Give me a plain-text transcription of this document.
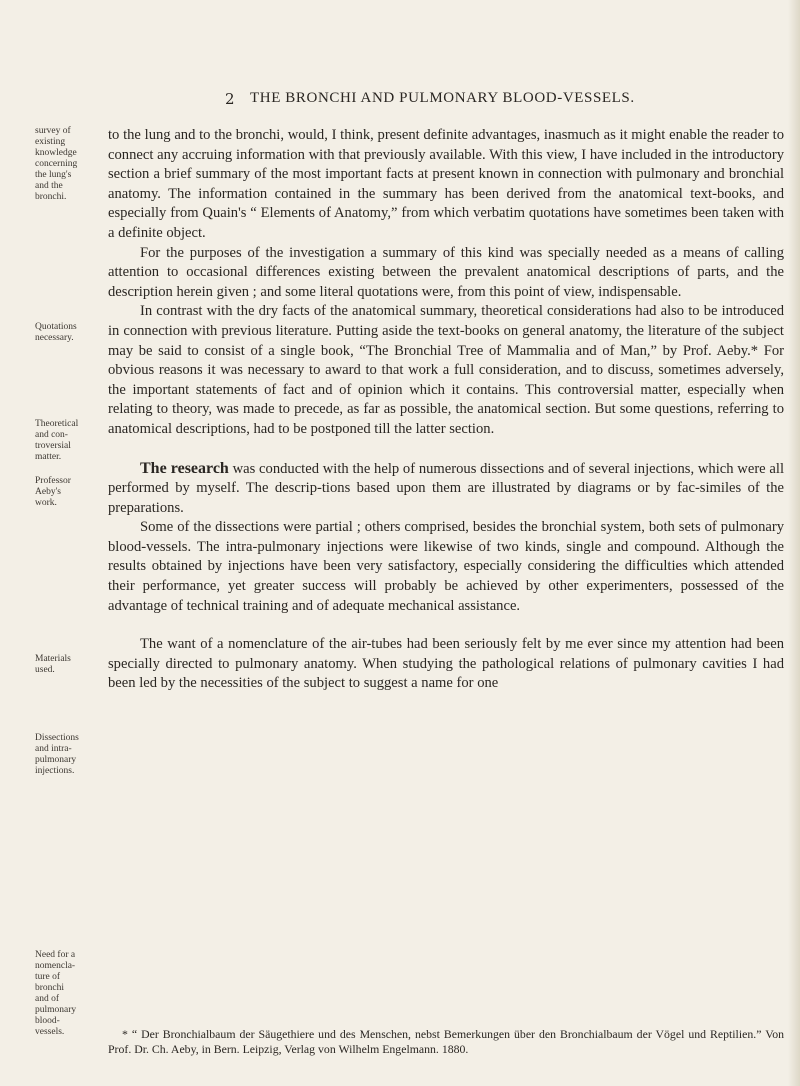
2 THE BRONCHI AND PULMONARY BLOOD-VESSELS.
survey of
existing
knowledge
concerning
the lung's
and the
bronchi.
Quotations
necessary.
Theoretical
and con-
troversial
matter.
Professor
Aeby's
work.
Materials
used.
Dissections
and intra-
pulmonary
injections.
Need for a
nomencla-
ture of
bronchi
and of
pulmonary
blood-
vessels.

to the lung and to the bronchi, would, I think, present definite advantages, inasmuch as it might enable the reader to connect any accruing information with that previously available. With this view, I have included in the introductory section a brief summary of the most important facts at present known in connection with pulmonary and bronchial anatomy. The information contained in the summary has been derived from the anatomical text-books, and especially from Quain's “ Elements of Anatomy,” from which verbatim quotations have sometimes been taken with a definite object.

For the purposes of the investigation a summary of this kind was specially needed as a means of calling attention to occasional differences existing between the prevalent anatomical descriptions of parts, and the description herein given ; and some literal quotations were, from this point of view, indispensable.

In contrast with the dry facts of the anatomical summary, theoretical considerations had also to be introduced in connection with previous literature. Putting aside the text-books on general anatomy, the literature of the subject may be said to consist of a single book, “The Bronchial Tree of Mammalia and of Man,” by Prof. Aeby.* For obvious reasons it was necessary to award to that work a full consideration, and to discuss, sometimes adversely, the important statements of fact and of opinion which it contains. This controversial matter, especially when relating to theory, was made to precede, as far as possible, the anatomical section. But some questions, referring to anatomical descriptions, had to be postponed till the latter section.

The research was conducted with the help of numerous dissections and of several injections, which were all performed by myself. The descrip-tions based upon them are illustrated by diagrams or by fac-similes of the preparations.

Some of the dissections were partial ; others comprised, besides the bronchial system, both sets of pulmonary blood-vessels. The intra-pulmonary injections were likewise of two kinds, single and compound. Although the results obtained by injections have been very satisfactory, especially considering the difficulties which attended their performance, yet greater success will probably be achieved by other experimenters, possessed of the advantage of technical training and of adequate mechanical assistance.

The want of a nomenclature of the air-tubes had been seriously felt by me ever since my attention had been specially directed to pulmonary anatomy. When studying the pathological relations of pulmonary cavities I had been led by the necessities of the subject to suggest a name for one

* “ Der Bronchialbaum der Säugethiere und des Menschen, nebst Bemerkungen über den Bronchialbaum der Vögel und Reptilien.” Von Prof. Dr. Ch. Aeby, in Bern. Leipzig, Verlag von Wilhelm Engelmann. 1880.
